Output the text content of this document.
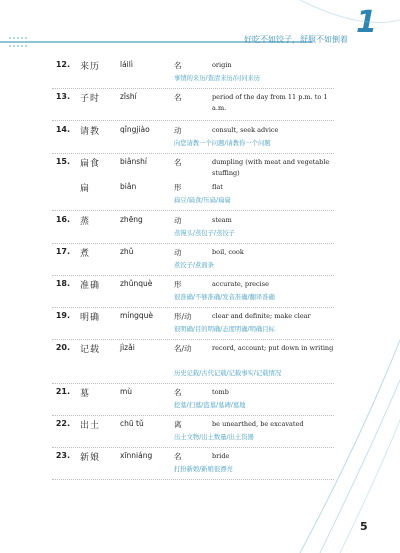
好吃不如饺子，舒服不如倒着 1
12. 来历	láilì	名	origin
事情的来历/查清来历/问问来历
13. 子时	zǐshí	名	period of the day from 11 p.m. to 1 a.m.
14. 请教	qǐngjiào	动	consult, seek advice
向您请教一个问题/请教你一个问题
15. 扁食	biǎnshí	名	dumpling (with meat and vegetable stuffing)
扁	biǎn	形	flat
扁豆/扁食/压扁/扁扁
16. 蒸	zhēng	动	steam
蒸馒头/蒸包子/蒸饺子
17. 煮	zhǔ	动	boil, cook
煮饺子/煮面条
18. 准确	zhǔnquè	形	accurate, precise
很准确/不够准确/发音准确/翻译准确
19. 明确	míngquè	形/动	clear and definite; make clear
很明确/目的明确/态度明确/明确目标
20. 记载	jìzǎi	名/动	record, account; put down in writing
历史记载/古代记载/记载事实/记载情况
21. 墓	mù	名	tomb
挖墓/扫墓/盗墓/墓碑/墓地
22. 出土	chū tǔ	离	be unearthed, be excavated
出土文物/出土数量/出土资器
23. 新娘	xīnniáng	名	bride
打扮新娘/新娘很漂亮
5
